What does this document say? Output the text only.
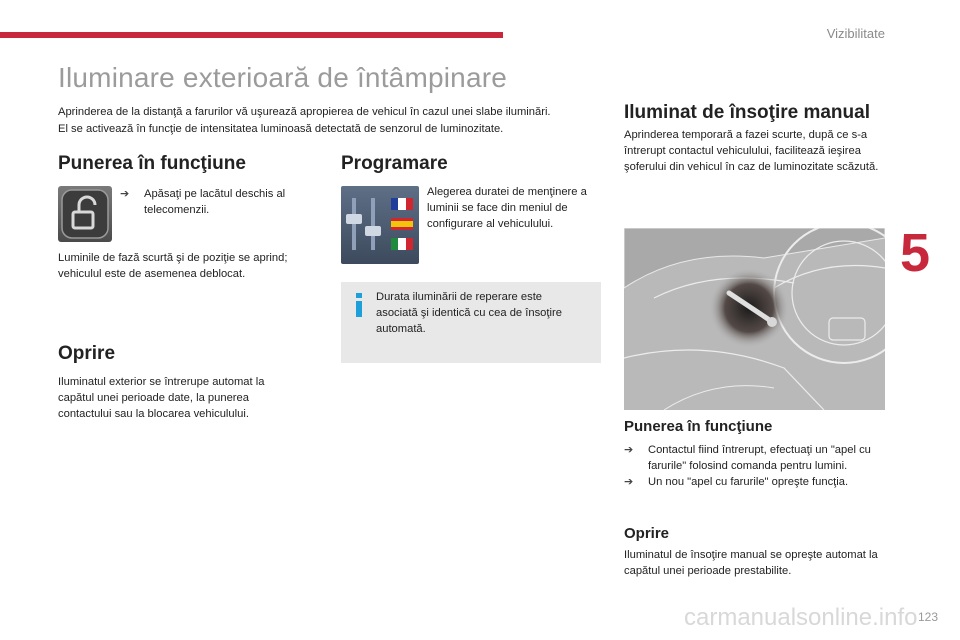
Vizibilitate
5
123
Iluminare exterioară de întâmpinare
Aprinderea de la distanţă a farurilor vă uşurează apropierea de vehicul în cazul unei slabe iluminări.
El se activează în funcţie de intensitatea luminoasă detectată de senzorul de luminozitate.
Punerea în funcţiune
➔	Apăsaţi pe lacătul deschis al telecomenzii.
Luminile de fază scurtă şi de poziţie se aprind; vehiculul este de asemenea deblocat.
Oprire
Iluminatul exterior se întrerupe automat la capătul unei perioade date, la punerea contactului sau la blocarea vehiculului.
Programare
Alegerea duratei de menţinere a luminii se face din meniul de configurare al vehiculului.
Durata iluminării de reperare este asociată şi identică cu cea de însoţire automată.
Iluminat de însoţire manual
Aprinderea temporară a fazei scurte, după ce s-a întrerupt contactul vehiculului, facilitează ieşirea şoferului din vehicul în caz de luminozitate scăzută.
Punerea în funcţiune
➔	Contactul fiind întrerupt, efectuaţi un "apel cu farurile" folosind comanda pentru lumini.
➔	Un nou "apel cu farurile" opreşte funcţia.
Oprire
Iluminatul de însoţire manual se opreşte automat la capătul unei perioade prestabilite.
carmanualsonline.info
